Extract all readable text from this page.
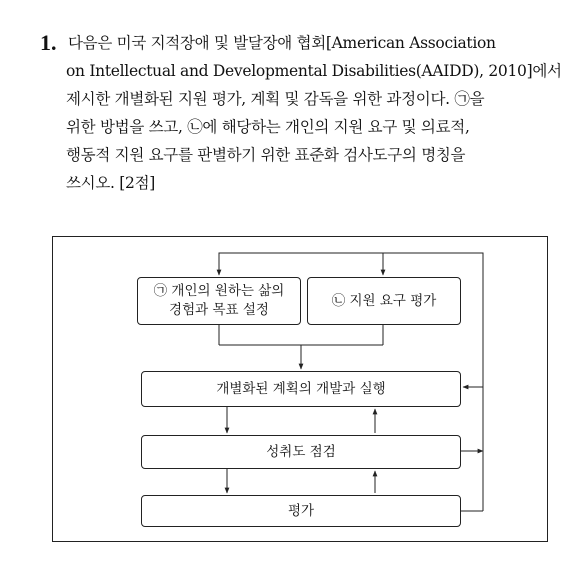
1. 다음은 미국 지적장애 및 발달장애 협회[American Association
on Intellectual and Developmental Disabilities(AAIDD), 2010]에서
제시한 개별화된 지원 평가, 계획 및 감독을 위한 과정이다. ㉠을
위한 방법을 쓰고, ㉡에 해당하는 개인의 지원 요구 및 의료적,
행동적 지원 요구를 판별하기 위한 표준화 검사도구의 명칭을
쓰시오. [2점]
㉠ 개인의 원하는 삶의
경험과 목표 설정
㉡ 지원 요구 평가
개별화된 계획의 개발과 실행
성취도 점검
평가
